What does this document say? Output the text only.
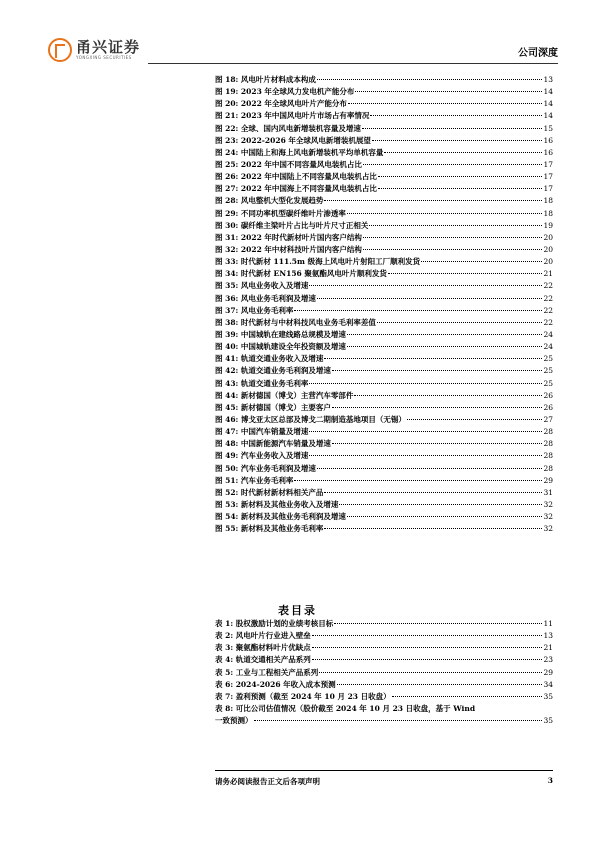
甬兴证券
YONGXING SECURITIES	公司深度
图 18: 风电叶片材料成本构成	13
图 19: 2023 年全球风力发电机产能分布	14
图 20: 2022 年全球风电叶片产能分布	14
图 21: 2023 年中国风电叶片市场占有率情况	14
图 22: 全球、国内风电新增装机容量及增速	15
图 23: 2022-2026 年全球风电新增装机展望	16
图 24: 中国陆上和海上风电新增装机平均单机容量	16
图 25: 2022 年中国不同容量风电装机占比	17
图 26: 2022 年中国陆上不同容量风电装机占比	17
图 27: 2022 年中国海上不同容量风电装机占比	17
图 28: 风电整机大型化发展趋势	18
图 29: 不同功率机型碳纤维叶片渗透率	18
图 30: 碳纤维主梁叶片占比与叶片尺寸正相关	19
图 31: 2022 年时代新材叶片国内客户结构	20
图 32: 2022 年中材科技叶片国内客户结构	20
图 33: 时代新材 111.5m 级海上风电叶片射阳工厂顺利发货	20
图 34: 时代新材 EN156 聚氨酯风电叶片顺利发货	21
图 35: 风电业务收入及增速	22
图 36: 风电业务毛利润及增速	22
图 37: 风电业务毛利率	22
图 38: 时代新材与中材科技风电业务毛利率差值	22
图 39: 中国城轨在建线路总规模及增速	24
图 40: 中国城轨建设全年投资额及增速	24
图 41: 轨道交通业务收入及增速	25
图 42: 轨道交通业务毛利润及增速	25
图 43: 轨道交通业务毛利率	25
图 44: 新材德国（博戈）主营汽车零部件	26
图 45: 新材德国（博戈）主要客户	26
图 46: 博戈亚太区总部及博戈二期制造基地项目（无锡）	27
图 47: 中国汽车销量及增速	28
图 48: 中国新能源汽车销量及增速	28
图 49: 汽车业务收入及增速	28
图 50: 汽车业务毛利润及增速	28
图 51: 汽车业务毛利率	29
图 52: 时代新材新材料相关产品	31
图 53: 新材料及其他业务收入及增速	32
图 54: 新材料及其他业务毛利润及增速	32
图 55: 新材料及其他业务毛利率	32
表目录
表 1: 股权激励计划的业绩考核目标	11
表 2: 风电叶片行业进入壁垒	13
表 3: 聚氨酯材料叶片优缺点	21
表 4: 轨道交通相关产品系列	23
表 5: 工业与工程相关产品系列	29
表 6: 2024-2026 年收入成本预测	34
表 7: 盈利预测（截至 2024 年 10 月 23 日收盘）	35
表 8: 可比公司估值情况（股价截至 2024 年 10 月 23 日收盘，基于 Wind
一致预测）	35
请务必阅读报告正文后各项声明	3
